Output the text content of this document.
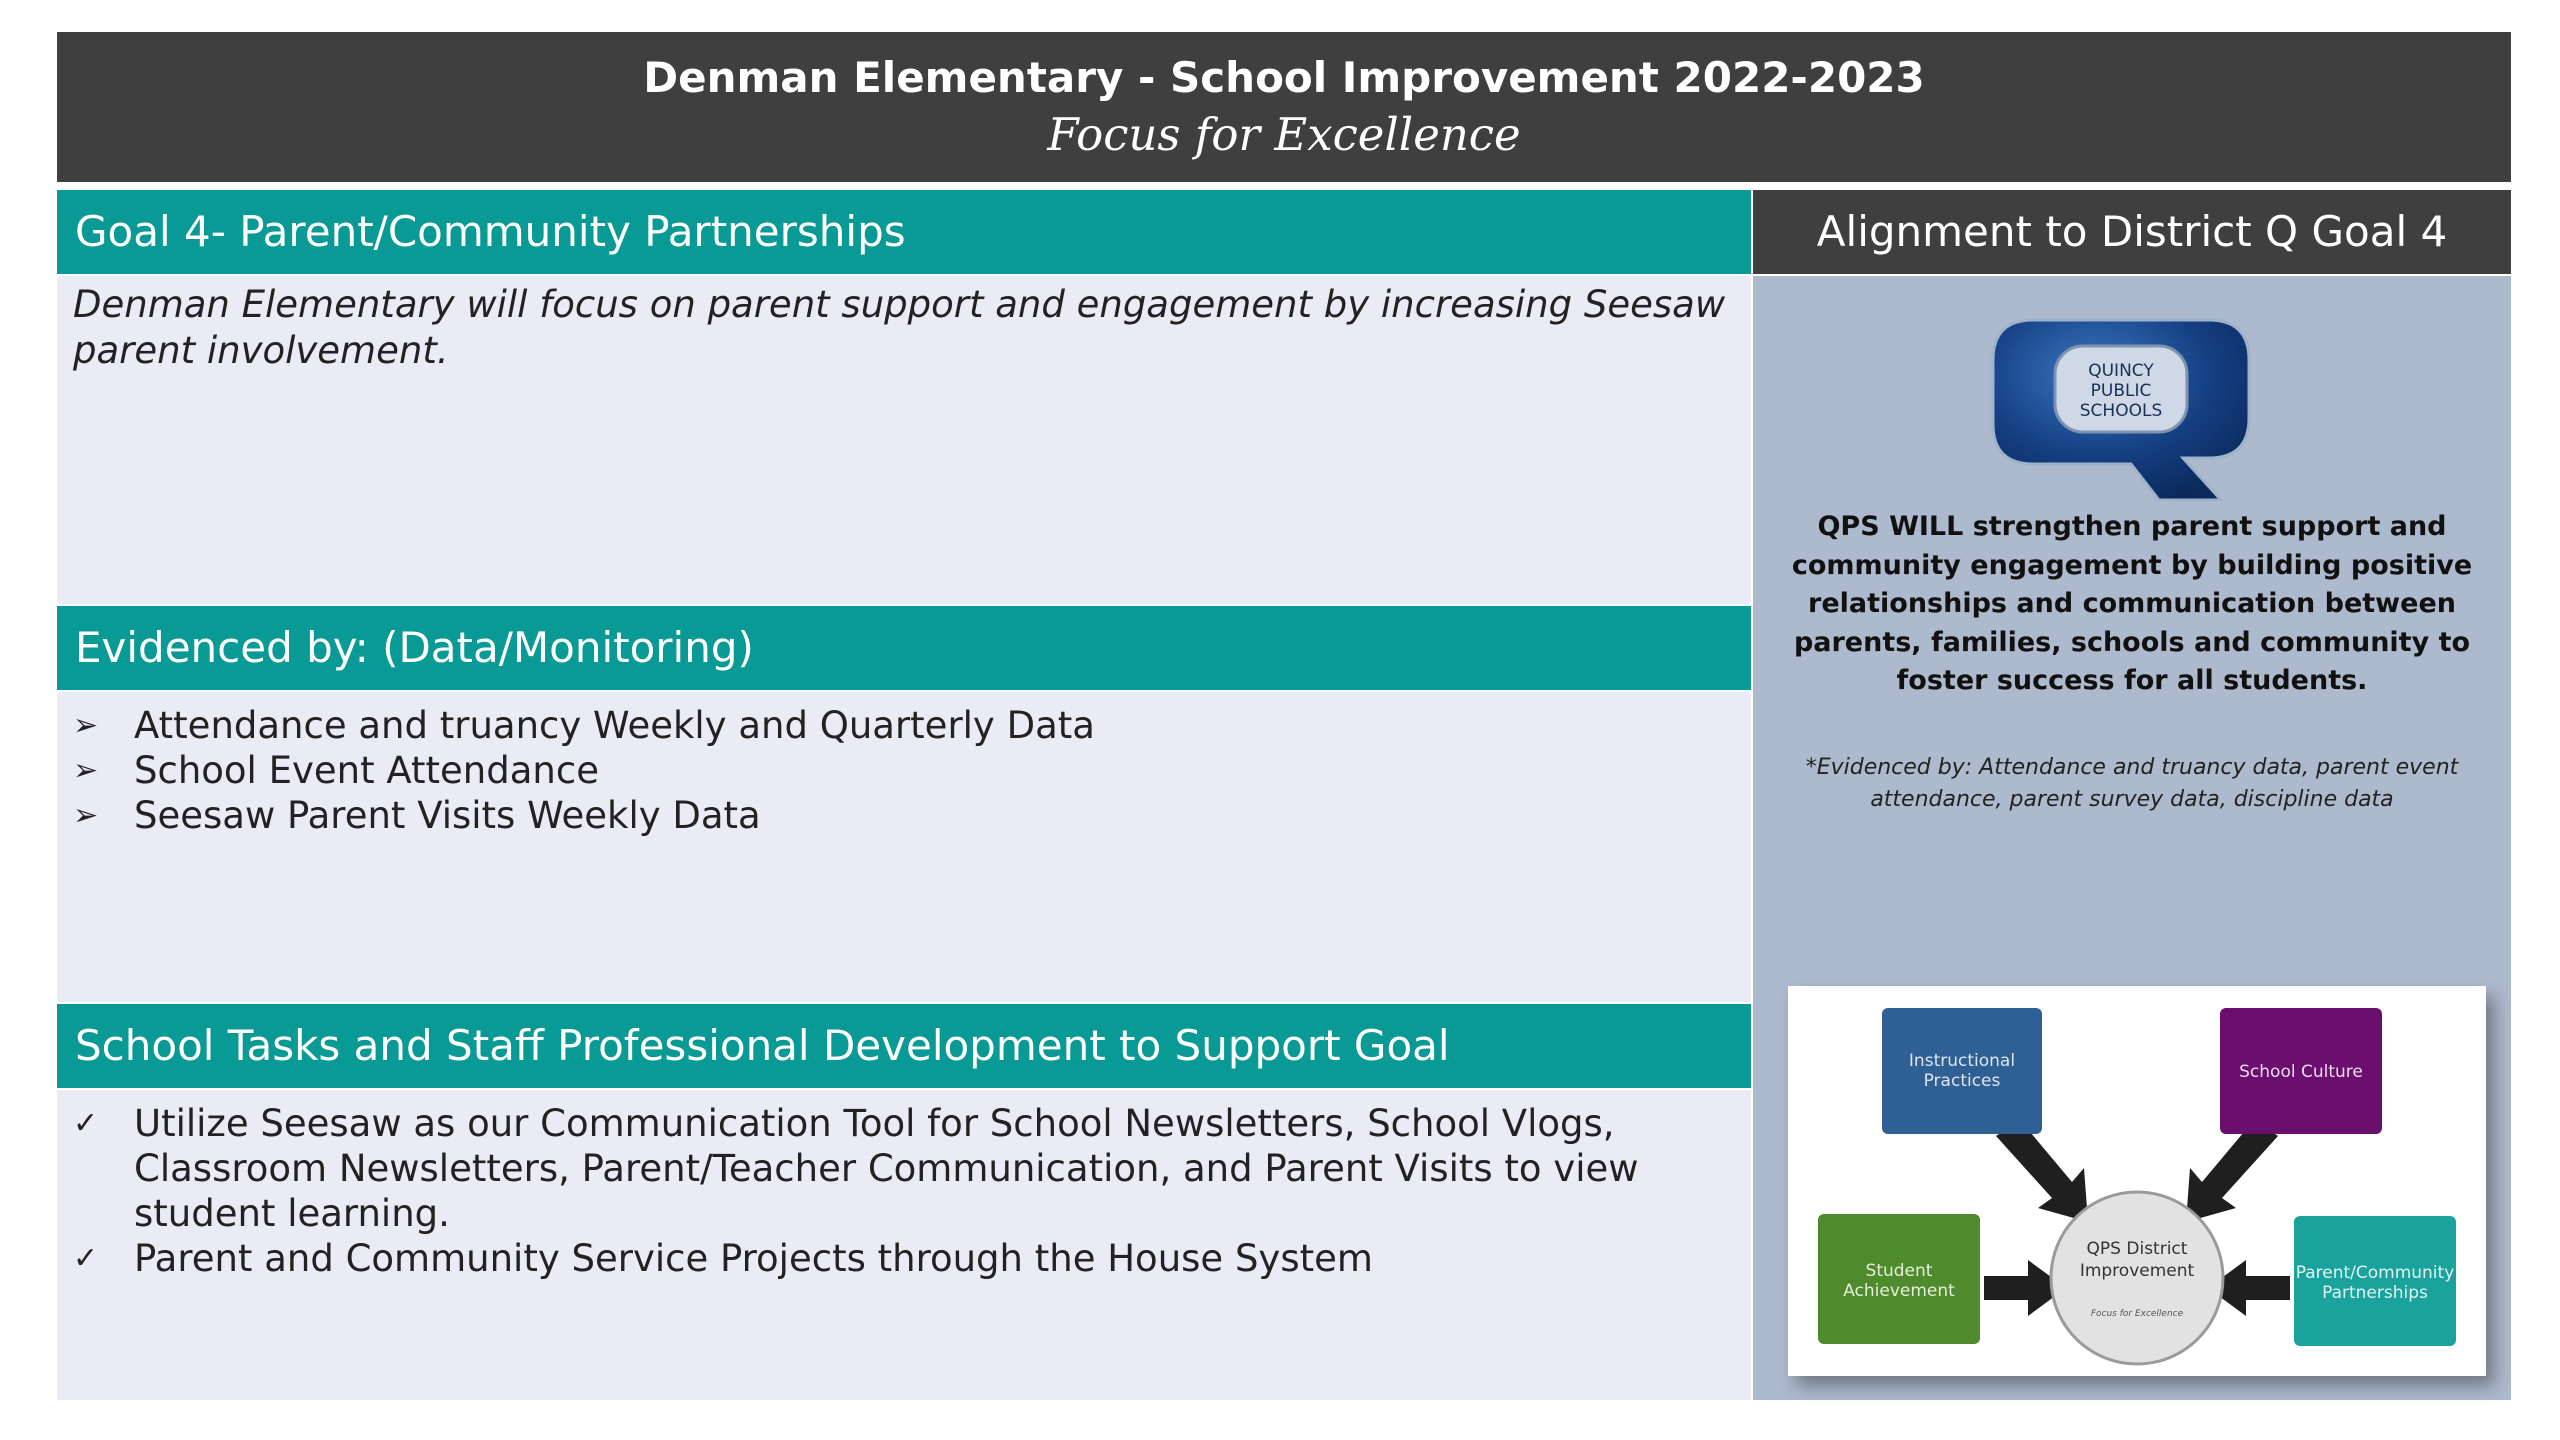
Denman Elementary - School Improvement 2022-2023
Focus for Excellence
Goal 4- Parent/Community Partnerships
Denman Elementary will focus on parent support and engagement by increasing Seesaw parent involvement.
Evidenced by: (Data/Monitoring)
➢ Attendance and truancy Weekly and Quarterly Data
➢ School Event Attendance
➢ Seesaw Parent Visits Weekly Data
School Tasks and Staff Professional Development to Support Goal
✓ Utilize Seesaw as our Communication Tool for School Newsletters, School Vlogs, Classroom Newsletters, Parent/Teacher Communication, and Parent Visits to view student learning.
✓ Parent and Community Service Projects through the House System
Alignment to District Q Goal 4
QUINCY
PUBLIC
SCHOOLS
QPS WILL strengthen parent support and community engagement by building positive relationships and communication between parents, families, schools and community to foster success for all students.
*Evidenced by: Attendance and truancy data, parent event attendance, parent survey data, discipline data
Instructional
Practices	School Culture
Student
Achievement
Parent/Community
Partnerships
QPS District
Improvement
Focus for Excellence
